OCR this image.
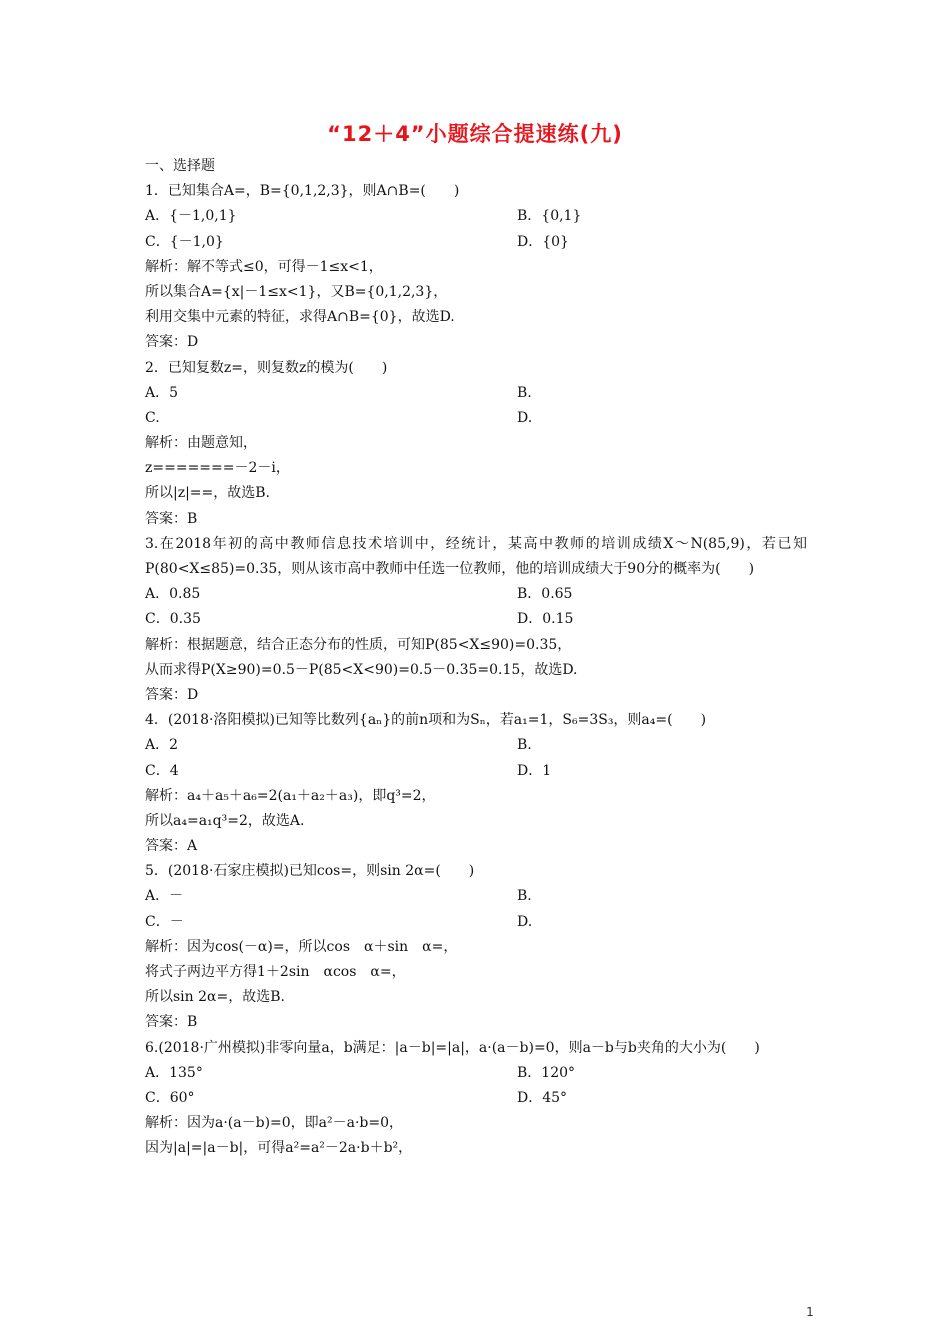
“12＋4”小题综合提速练(九)
一、选择题
1．已知集合A=，B={0,1,2,3}，则A∩B=(　　)
A．{－1,0,1}	B．{0,1}
C．{－1,0}	D．{0}
解析：解不等式≤0，可得－1≤x<1，
所以集合A={x|－1≤x<1}，又B={0,1,2,3}，
利用交集中元素的特征，求得A∩B={0}，故选D.
答案：D
2．已知复数z=，则复数z的模为(　　)
A．5	B.
C.	D.
解析：由题意知，
z=======－2－i，
所以|z|==，故选B.
答案：B
3.在2018年初的高中教师信息技术培训中，经统计，某高中教师的培训成绩X～N(85,9)，若已知P(80<X≤85)=0.35，则从该市高中教师中任选一位教师，他的培训成绩大于90分的概率为(　　)
A．0.85	B．0.65
C．0.35	D．0.15
解析：根据题意，结合正态分布的性质，可知P(85<X≤90)=0.35，
从而求得P(X≥90)=0.5－P(85<X<90)=0.5－0.35=0.15，故选D.
答案：D
4．(2018·洛阳模拟)已知等比数列{aₙ}的前n项和为Sₙ，若a₁=1，S₆=3S₃，则a₄=(　　)
A．2	B.
C．4	D．1
解析：a₄＋a₅＋a₆=2(a₁＋a₂＋a₃)，即q³=2，
所以a₄=a₁q³=2，故选A.
答案：A
5．(2018·石家庄模拟)已知cos=，则sin 2α=(　　)
A．－	B.
C．－	D.
解析：因为cos(－α)=，所以cos　α＋sin　α=，
将式子两边平方得1＋2sin　αcos　α=，
所以sin 2α=，故选B.
答案：B
6.(2018·广州模拟)非零向量a，b满足：|a－b|=|a|，a·(a－b)=0，则a－b与b夹角的大小为(　　)
A．135°	B．120°
C．60°	D．45°
解析：因为a·(a－b)=0，即a²－a·b=0，
因为|a|=|a－b|，可得a²=a²－2a·b＋b²，
1
